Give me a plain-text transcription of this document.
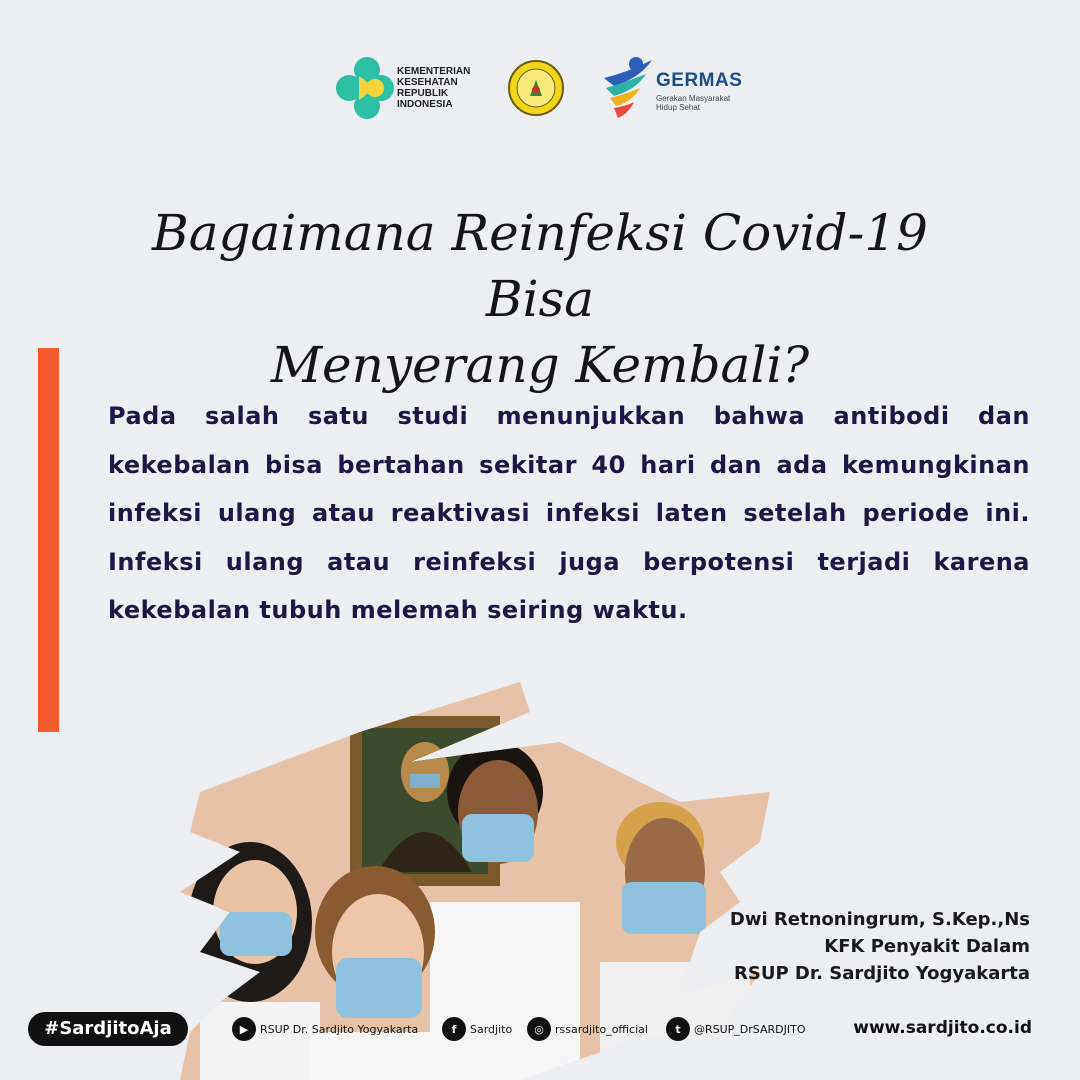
KEMENTERIAN
KESEHATAN
REPUBLIK
INDONESIA
GERMAS
Gerakan Masyarakat
Hidup Sehat
Bagaimana Reinfeksi Covid-19 Bisa
Menyerang Kembali?

Pada salah satu studi menunjukkan bahwa antibodi dan kekebalan bisa bertahan sekitar 40 hari dan ada kemungkinan infeksi ulang atau reaktivasi infeksi laten setelah periode ini. Infeksi ulang atau reinfeksi juga berpotensi terjadi karena kekebalan tubuh melemah seiring waktu.

Dwi Retnoningrum, S.Kep.,Ns
KFK Penyakit Dalam
RSUP Dr. Sardjito Yogyakarta
#SardjitoAja	▶	RSUP Dr. Sardjito Yogyakarta	f	Sardjito	◎	rssardjito_official	t	@RSUP_DrSARDJITO	www.sardjito.co.id
